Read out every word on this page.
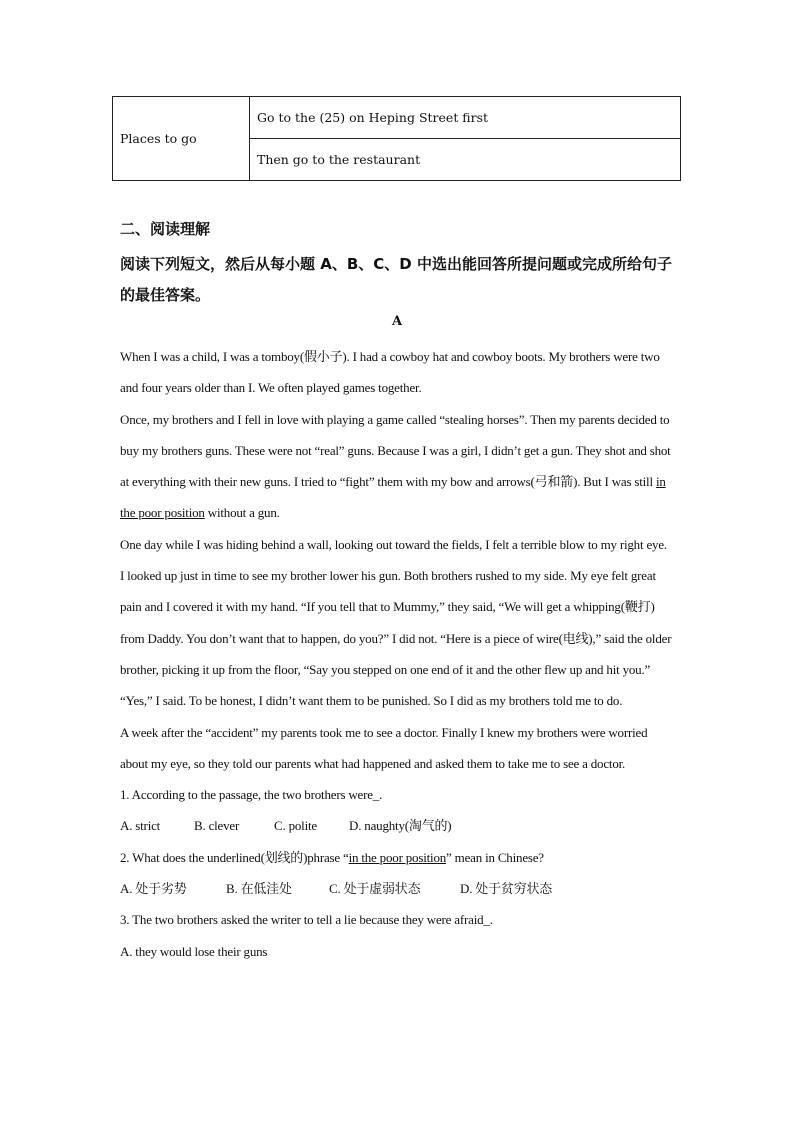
Places to go	Go to the (25) on Heping Street first
Then go to the restaurant
二、阅读理解
阅读下列短文，然后从每小题 A、B、C、D 中选出能回答所提问题或完成所给句子的最佳答案。
A

When I was a child, I was a tomboy(假小子). I had a cowboy hat and cowboy boots. My brothers were two and four years older than I. We often played games together.

Once, my brothers and I fell in love with playing a game called “stealing horses”. Then my parents decided to buy my brothers guns. These were not “real” guns. Because I was a girl, I didn’t get a gun. They shot and shot at everything with their new guns. I tried to “fight” them with my bow and arrows(弓和箭). But I was still in the poor position without a gun.

One day while I was hiding behind a wall, looking out toward the fields, I felt a terrible blow to my right eye. I looked up just in time to see my brother lower his gun. Both brothers rushed to my side. My eye felt great pain and I covered it with my hand. “If you tell that to Mummy,” they said, “We will get a whipping(鞭打) from Daddy. You don’t want that to happen, do you?” I did not. “Here is a piece of wire(电线),” said the older brother, picking it up from the floor, “Say you stepped on one end of it and the other flew up and hit you.” “Yes,” I said. To be honest, I didn’t want them to be punished. So I did as my brothers told me to do.

A week after the “accident” my parents took me to see a doctor. Finally I knew my brothers were worried about my eye, so they told our parents what had happened and asked them to take me to see a doctor.

1. According to the passage, the two brothers were_.

A. strict	B. clever	C. polite D. naughty(淘气的)

2. What does the underlined(划线的)phrase “in the poor position” mean in Chinese?

A. 处于劣势	B. 在低洼处	C. 处于虚弱状态	D. 处于贫穷状态

3. The two brothers asked the writer to tell a lie because they were afraid_.

A. they would lose their guns
